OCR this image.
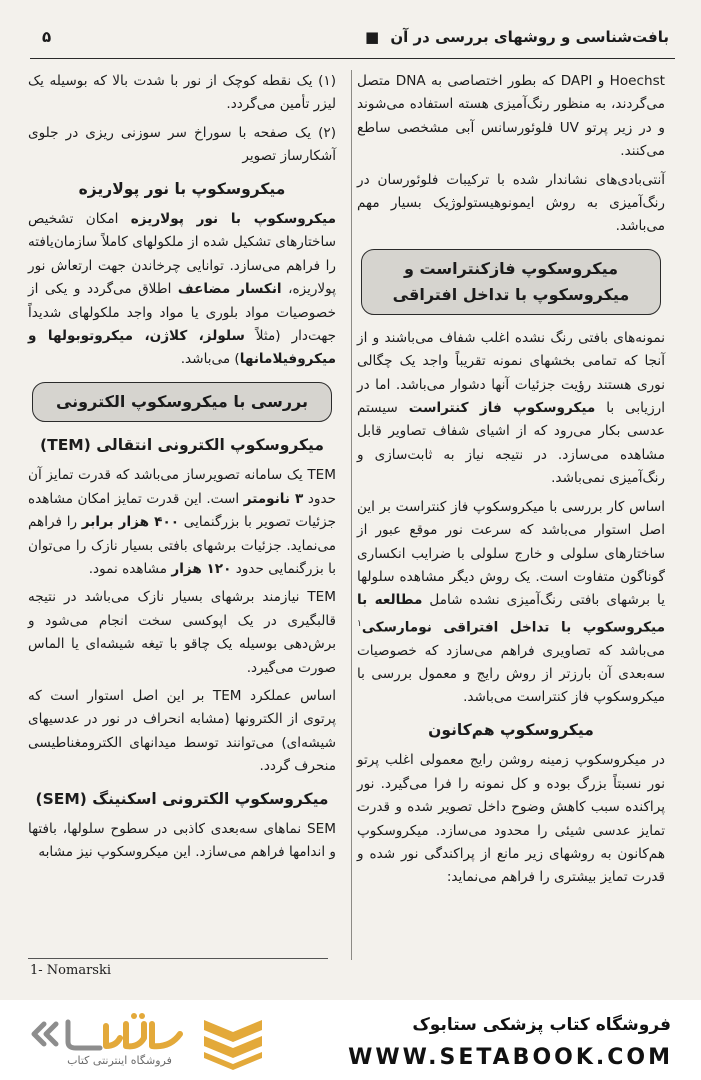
بافت‌شناسی و روشهای بررسی در آن ■
۵

Hoechst و DAPI که بطور اختصاصی به DNA متصل می‌گردند، به منظور رنگ‌آمیزی هسته استفاده می‌شوند و در زیر پرتو UV فلوئورسانس آبی مشخصی ساطع می‌کنند.

آنتی‌بادی‌های نشاندار شده با ترکیبات فلوئورسان در رنگ‌آمیزی به روش ایمونوهیستولوژیک بسیار مهم می‌باشد.

میکروسکوپ فازکنتراست و میکروسکوپ با تداخل افتراقی

نمونه‌های بافتی رنگ نشده اغلب شفاف می‌باشند و از آنجا که تمامی بخشهای نمونه تقریباً واجد یک چگالی نوری هستند رؤیت جزئیات آنها دشوار می‌باشد. اما در ارزیابی با میکروسکوپ فاز کنتراست سیستم عدسی بکار می‌رود که از اشیای شفاف تصاویر قابل مشاهده می‌سازد. در نتیجه نیاز به ثابت‌سازی و رنگ‌آمیزی نمی‌باشد.

اساس کار بررسی با میکروسکوپ فاز کنتراست بر این اصل استوار می‌باشد که سرعت نور موقع عبور از ساختارهای سلولی و خارج سلولی با ضرایب انکساری گوناگون متفاوت است. یک روش دیگر مشاهده سلولها یا برشهای بافتی رنگ‌آمیزی نشده شامل مطالعه با میکروسکوپ با تداخل افتراقی نومارسکی$^۱$ می‌باشد که تصاویری فراهم می‌سازد که خصوصیات سه‌بعدی آن بارزتر از روش رایج و معمول بررسی با میکروسکوپ فاز کنتراست می‌باشد.

میکروسکوپ هم‌کانون

در میکروسکوپ زمینه روشن رایج معمولی اغلب پرتو نور نسبتاً بزرگ بوده و کل نمونه را فرا می‌گیرد. نور پراکنده سبب کاهش وضوح داخل تصویر شده و قدرت تمایز عدسی شیئی را محدود می‌سازد. میکروسکوپ هم‌کانون به روشهای زیر مانع از پراکندگی نور شده و قدرت تمایز بیشتری را فراهم می‌نماید:

(۱) یک نقطه کوچک از نور با شدت بالا که بوسیله یک لیزر تأمین می‌گردد.

(۲) یک صفحه با سوراخ سر سوزنی ریزی در جلوی آشکارساز تصویر

میکروسکوپ با نور پولاریزه

میکروسکوپ با نور پولاریزه امکان تشخیص ساختارهای تشکیل شده از ملکولهای کاملاً سازمان‌یافته را فراهم می‌سازد. توانایی چرخاندن جهت ارتعاش نور پولاریزه، انکسار مضاعف اطلاق می‌گردد و یکی از خصوصیات مواد بلوری یا مواد واجد ملکولهای شدیداً جهت‌دار (مثلاً سلولز، کلاژن، میکروتوبولها و میکروفیلامانها) می‌باشد.

بررسی با میکروسکوپ الکترونی
میکروسکوپ الکترونی انتقالی (TEM)

TEM یک سامانه تصویرساز می‌باشد که قدرت تمایز آن حدود ۳ نانومتر است. این قدرت تمایز امکان مشاهده جزئیات تصویر با بزرگنمایی ۴۰۰ هزار برابر را فراهم می‌نماید. جزئیات برشهای بافتی بسیار نازک را می‌توان با بزرگنمایی حدود ۱۲۰ هزار مشاهده نمود.

TEM نیازمند برشهای بسیار نازک می‌باشد در نتیجه قالبگیری در یک اپوکسی سخت انجام می‌شود و برش‌دهی بوسیله یک چاقو با تیغه شیشه‌ای یا الماس صورت می‌گیرد.

اساس عملکرد TEM بر این اصل استوار است که پرتوی از الکترونها (مشابه انحراف در نور در عدسیهای شیشه‌ای) می‌توانند توسط میدانهای الکترومغناطیسی منحرف گردد.

میکروسکوپ الکترونی اسکنینگ (SEM)

SEM نماهای سه‌بعدی کاذبی در سطوح سلولها، بافتها و اندامها فراهم می‌سازد. این میکروسکوپ نیز مشابه

1- Nomarski
فروشگاه اینترنتی کتاب
فروشگاه کتاب پزشکی ستابوک
WWW.SETABOOK.COM
